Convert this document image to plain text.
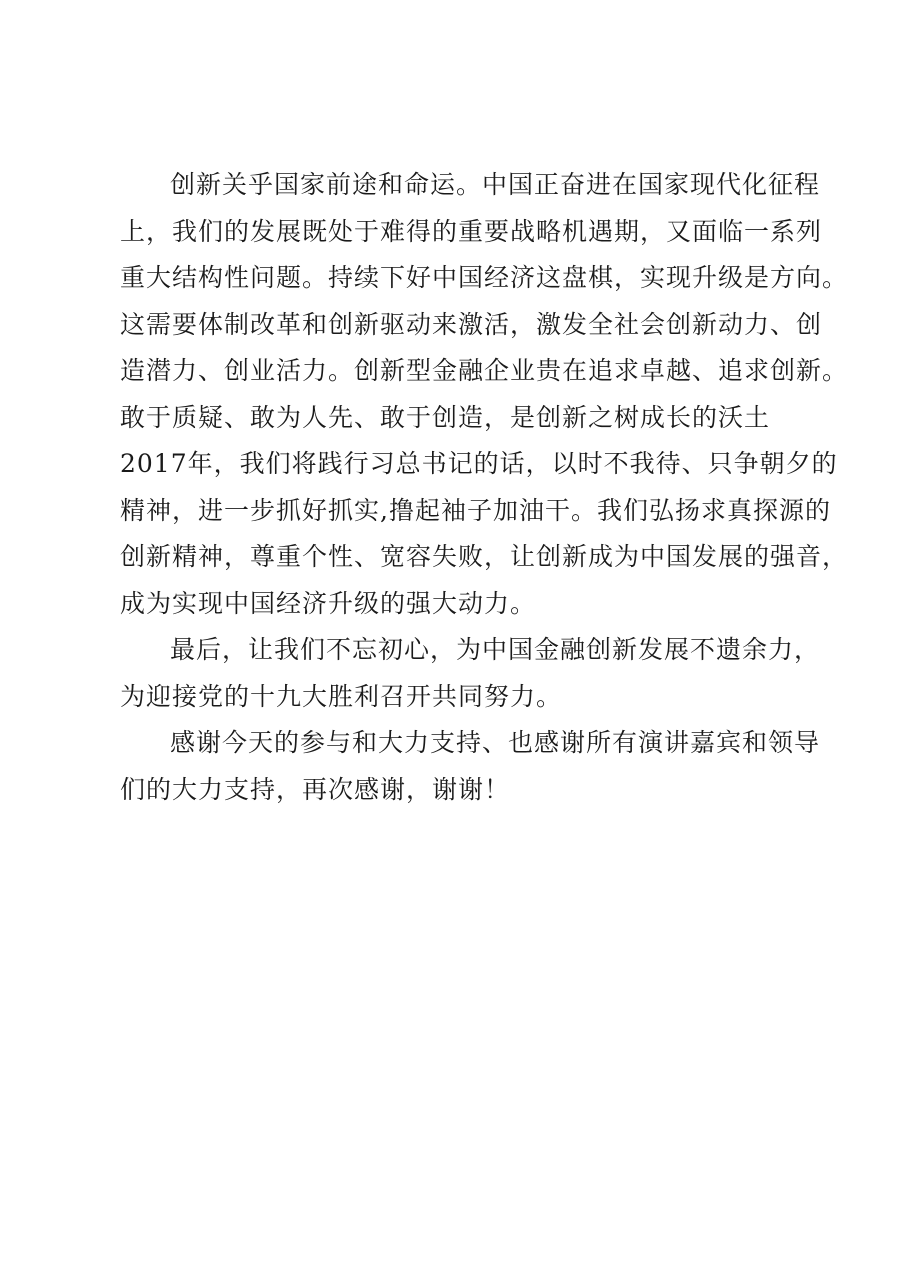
创新关乎国家前途和命运。中国正奋进在国家现代化征程
上，我们的发展既处于难得的重要战略机遇期，又面临一系列
重大结构性问题。持续下好中国经济这盘棋，实现升级是方向。
这需要体制改革和创新驱动来激活，激发全社会创新动力、创
造潜力、创业活力。创新型金融企业贵在追求卓越、追求创新。
敢于质疑、敢为人先、敢于创造，是创新之树成长的沃土
2017年，我们将践行习总书记的话，以时不我待、只争朝夕的
精神，进一步抓好抓实,撸起袖子加油干。我们弘扬求真探源的
创新精神，尊重个性、宽容失败，让创新成为中国发展的强音，
成为实现中国经济升级的强大动力。
最后，让我们不忘初心，为中国金融创新发展不遗余力，
为迎接党的十九大胜利召开共同努力。
感谢今天的参与和大力支持、也感谢所有演讲嘉宾和领导
们的大力支持，再次感谢，谢谢！
